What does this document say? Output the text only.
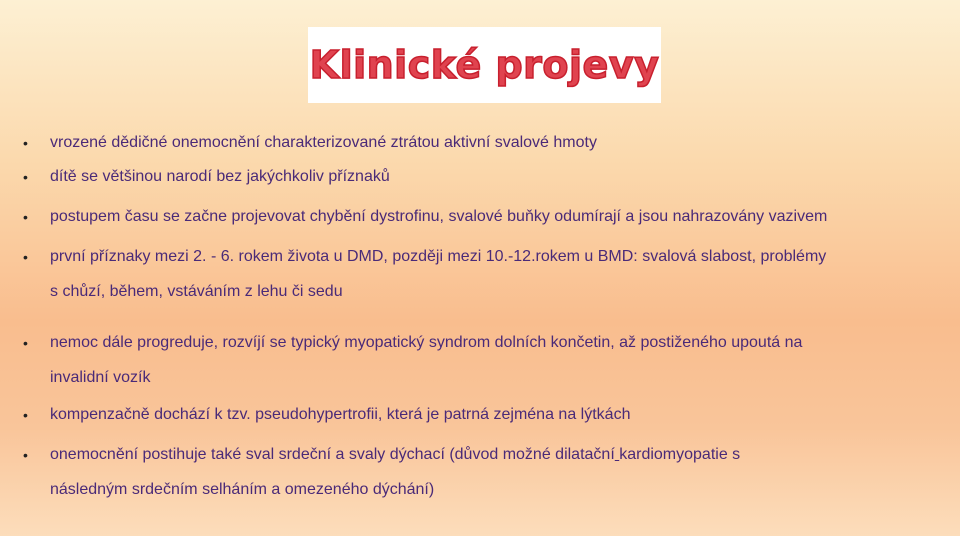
Klinické projevy
• vrozené dědičné onemocnění charakterizované ztrátou aktivní svalové hmoty
• dítě se většinou narodí bez jakýchkoliv příznaků
• postupem času se začne projevovat chybění dystrofinu, svalové buňky odumírají a jsou nahrazovány vazivem
• první příznaky mezi 2. - 6. rokem života u DMD, později mezi 10.-12.rokem u BMD: svalová slabost, problémy
s chůzí, během, vstáváním z lehu či sedu
• nemoc dále progreduje, rozvíjí se typický myopatický syndrom dolních končetin, až postiženého upoutá na
invalidní vozík
• kompenzačně dochází k tzv. pseudohypertrofii, která je patrná zejména na lýtkách
• onemocnění postihuje také sval srdeční a svaly dýchací (důvod možné dilatační kardiomyopatie s
následným srdečním selháním a omezeného dýchání)
